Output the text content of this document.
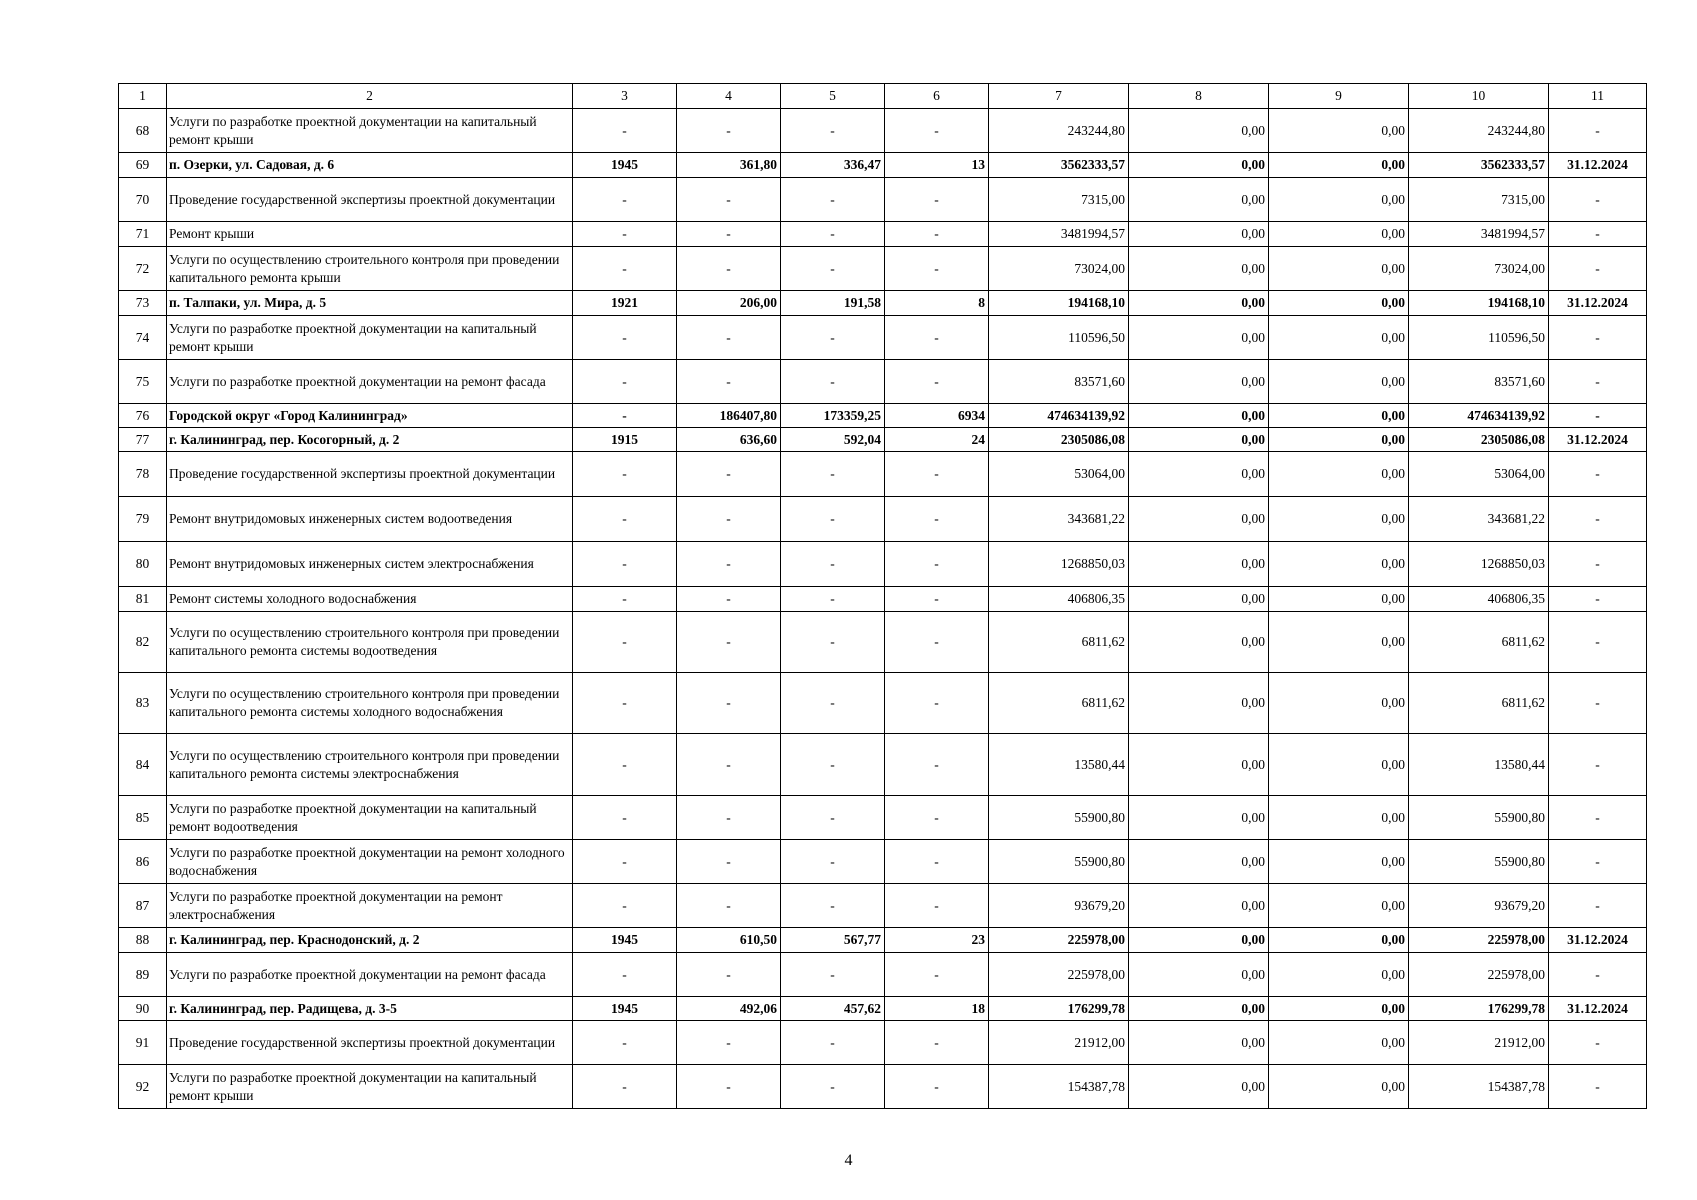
1	2	3	4	5	6	7	8	9	10	11
68	Услуги по разработке проектной документации на капитальный ремонт крыши	-	-	-	-	243244,80	0,00	0,00	243244,80	-
69	п. Озерки, ул. Садовая, д. 6	1945	361,80	336,47	13	3562333,57	0,00	0,00	3562333,57	31.12.2024
70	Проведение государственной экспертизы проектной документации	-	-	-	-	7315,00	0,00	0,00	7315,00	-
71	Ремонт крыши	-	-	-	-	3481994,57	0,00	0,00	3481994,57	-
72	Услуги по осуществлению строительного контроля при проведении капитального ремонта крыши	-	-	-	-	73024,00	0,00	0,00	73024,00	-
73	п. Талпаки, ул. Мира, д. 5	1921	206,00	191,58	8	194168,10	0,00	0,00	194168,10	31.12.2024
74	Услуги по разработке проектной документации на капитальный ремонт крыши	-	-	-	-	110596,50	0,00	0,00	110596,50	-
75	Услуги по разработке проектной документации на ремонт фасада	-	-	-	-	83571,60	0,00	0,00	83571,60	-
76	Городской округ «Город Калининград»	-	186407,80	173359,25	6934	474634139,92	0,00	0,00	474634139,92	-
77	г. Калининград, пер. Косогорный, д. 2	1915	636,60	592,04	24	2305086,08	0,00	0,00	2305086,08	31.12.2024
78	Проведение государственной экспертизы проектной документации	-	-	-	-	53064,00	0,00	0,00	53064,00	-
79	Ремонт внутридомовых инженерных систем водоотведения	-	-	-	-	343681,22	0,00	0,00	343681,22	-
80	Ремонт внутридомовых инженерных систем электроснабжения	-	-	-	-	1268850,03	0,00	0,00	1268850,03	-
81	Ремонт системы холодного водоснабжения	-	-	-	-	406806,35	0,00	0,00	406806,35	-
82	Услуги по осуществлению строительного контроля при проведении капитального ремонта системы водоотведения	-	-	-	-	6811,62	0,00	0,00	6811,62	-
83	Услуги по осуществлению строительного контроля при проведении капитального ремонта системы холодного водоснабжения	-	-	-	-	6811,62	0,00	0,00	6811,62	-
84	Услуги по осуществлению строительного контроля при проведении капитального ремонта системы электроснабжения	-	-	-	-	13580,44	0,00	0,00	13580,44	-
85	Услуги по разработке проектной документации на капитальный ремонт водоотведения	-	-	-	-	55900,80	0,00	0,00	55900,80	-
86	Услуги по разработке проектной документации на ремонт холодного водоснабжения	-	-	-	-	55900,80	0,00	0,00	55900,80	-
87	Услуги по разработке проектной документации на ремонт электроснабжения	-	-	-	-	93679,20	0,00	0,00	93679,20	-
88	г. Калининград, пер. Краснодонский, д. 2	1945	610,50	567,77	23	225978,00	0,00	0,00	225978,00	31.12.2024
89	Услуги по разработке проектной документации на ремонт фасада	-	-	-	-	225978,00	0,00	0,00	225978,00	-
90	г. Калининград, пер. Радищева, д. 3-5	1945	492,06	457,62	18	176299,78	0,00	0,00	176299,78	31.12.2024
91	Проведение государственной экспертизы проектной документации	-	-	-	-	21912,00	0,00	0,00	21912,00	-
92	Услуги по разработке проектной документации на капитальный ремонт крыши	-	-	-	-	154387,78	0,00	0,00	154387,78	-
4
